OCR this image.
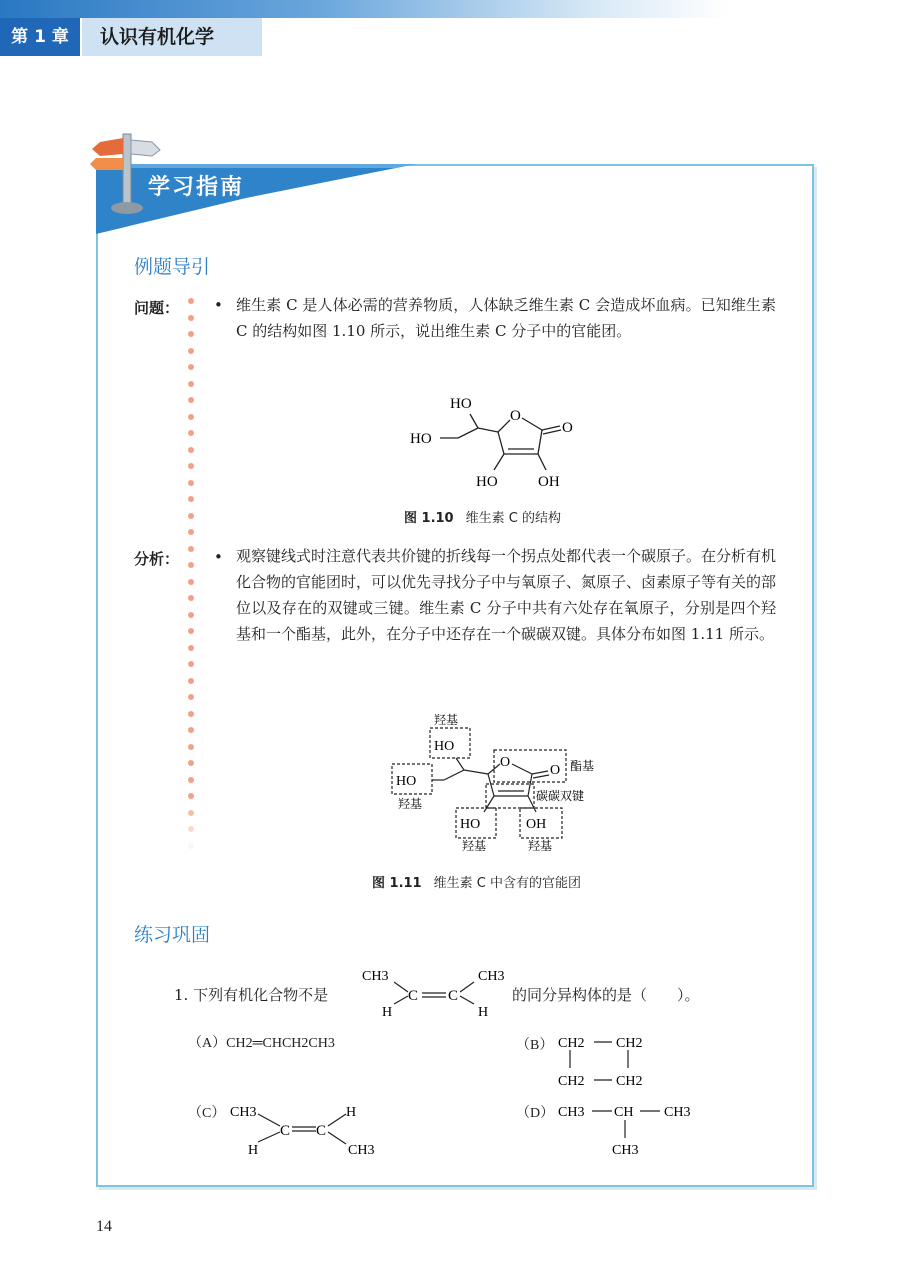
第 1 章	认识有机化学
学习指南
例题导引
问题： • 维生素 C 是人体必需的营养物质，人体缺乏维生素 C 会造成坏血病。已知维生素 C 的结构如图 1.10 所示，说出维生素 C 分子中的官能团。
HO
HO
O
O
HO	OH
图 1.10 维生素 C 的结构
分析： • 观察键线式时注意代表共价键的折线每一个拐点处都代表一个碳原子。在分析有机化合物的官能团时，可以优先寻找分子中与氧原子、氮原子、卤素原子等有关的部位以及存在的双键或三键。维生素 C 分子中共有六处存在氧原子，分别是四个羟基和一个酯基，此外，在分子中还存在一个碳碳双键。具体分布如图 1.11 所示。
羟基
HO
HO
羟基
O
O 酯基
碳碳双键
HO	OH
羟基	羟基
图 1.11 维生素 C 中含有的官能团
练习巩固
1. 下列有机化合物不是
CH3
C C
CH3
H	H
的同分异构体的是（　　）。
（A）CH2═CHCH2CH3	（B） CH2 CH2
CH2 CH2
（C） CH3
C C
H
H	CH3
（D） CH3 CH CH3
CH3
14
